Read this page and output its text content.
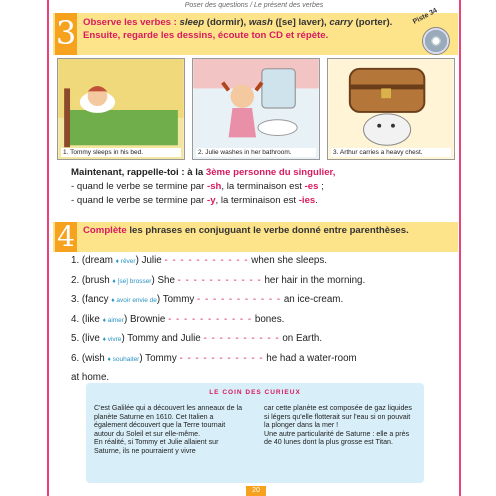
Poser des questions / Le présent des verbes
3 Observe les verbes : sleep (dormir), wash ([se] laver), carry (porter).
Ensuite, regarde les dessins, écoute ton CD et répète.
Piste 34
1. Tommy sleeps in his bed.	2. Julie washes in her bathroom.	3. Arthur carries a heavy chest.
Maintenant, rappelle-toi : à la 3ème personne du singulier,
- quand le verbe se termine par -sh, la terminaison est -es ;
- quand le verbe se termine par -y, la terminaison est -ies.
4 Complète les phrases en conjuguant le verbe donné entre parenthèses.
1. (dream ♦ rêver) Julie - - - - - - - - - - - when she sleeps.
2. (brush ♦ [se] brosser) She - - - - - - - - - - - her hair in the morning.
3. (fancy ♦ avoir envie de) Tommy - - - - - - - - - - - an ice-cream.
4. (like ♦ aimer) Brownie - - - - - - - - - - - bones.
5. (live ♦ vivre) Tommy and Julie - - - - - - - - - - on Earth.
6. (wish ♦ souhaiter) Tommy - - - - - - - - - - - he had a water-room
at home.
LE COIN DES CURIEUX

C'est Galilée qui a découvert les anneaux de la planète Saturne en 1610. Cet Italien a également découvert que la Terre tournait autour du Soleil et sur elle-même.

En réalité, si Tommy et Julie allaient sur Saturne, ils ne pourraient y vivre

car cette planète est composée de gaz liquides si légers qu'elle flotterait sur l'eau si on pouvait la plonger dans la mer !

Une autre particularité de Saturne : elle a près de 40 lunes dont la plus grosse est Titan.

20
